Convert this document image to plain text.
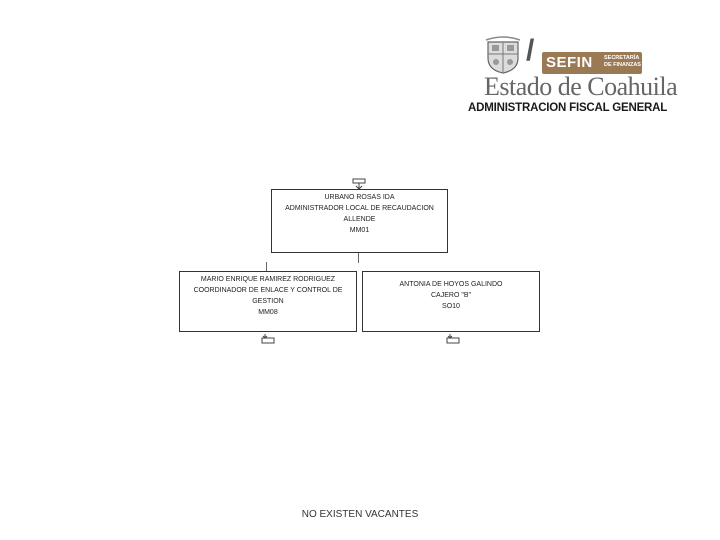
/ SEFIN SECRETARÍA
DE FINANZAS
Estado de Coahuila
ADMINISTRACION FISCAL GENERAL
URBANO ROSAS IDA
ADMINISTRADOR LOCAL DE RECAUDACION
ALLENDE
MM01
MARIO ENRIQUE RAMIREZ RODRIGUEZ
COORDINADOR DE ENLACE Y CONTROL DE
GESTION
MM08
ANTONIA DE HOYOS GALINDO
CAJERO "B"
SO10
NO EXISTEN VACANTES
